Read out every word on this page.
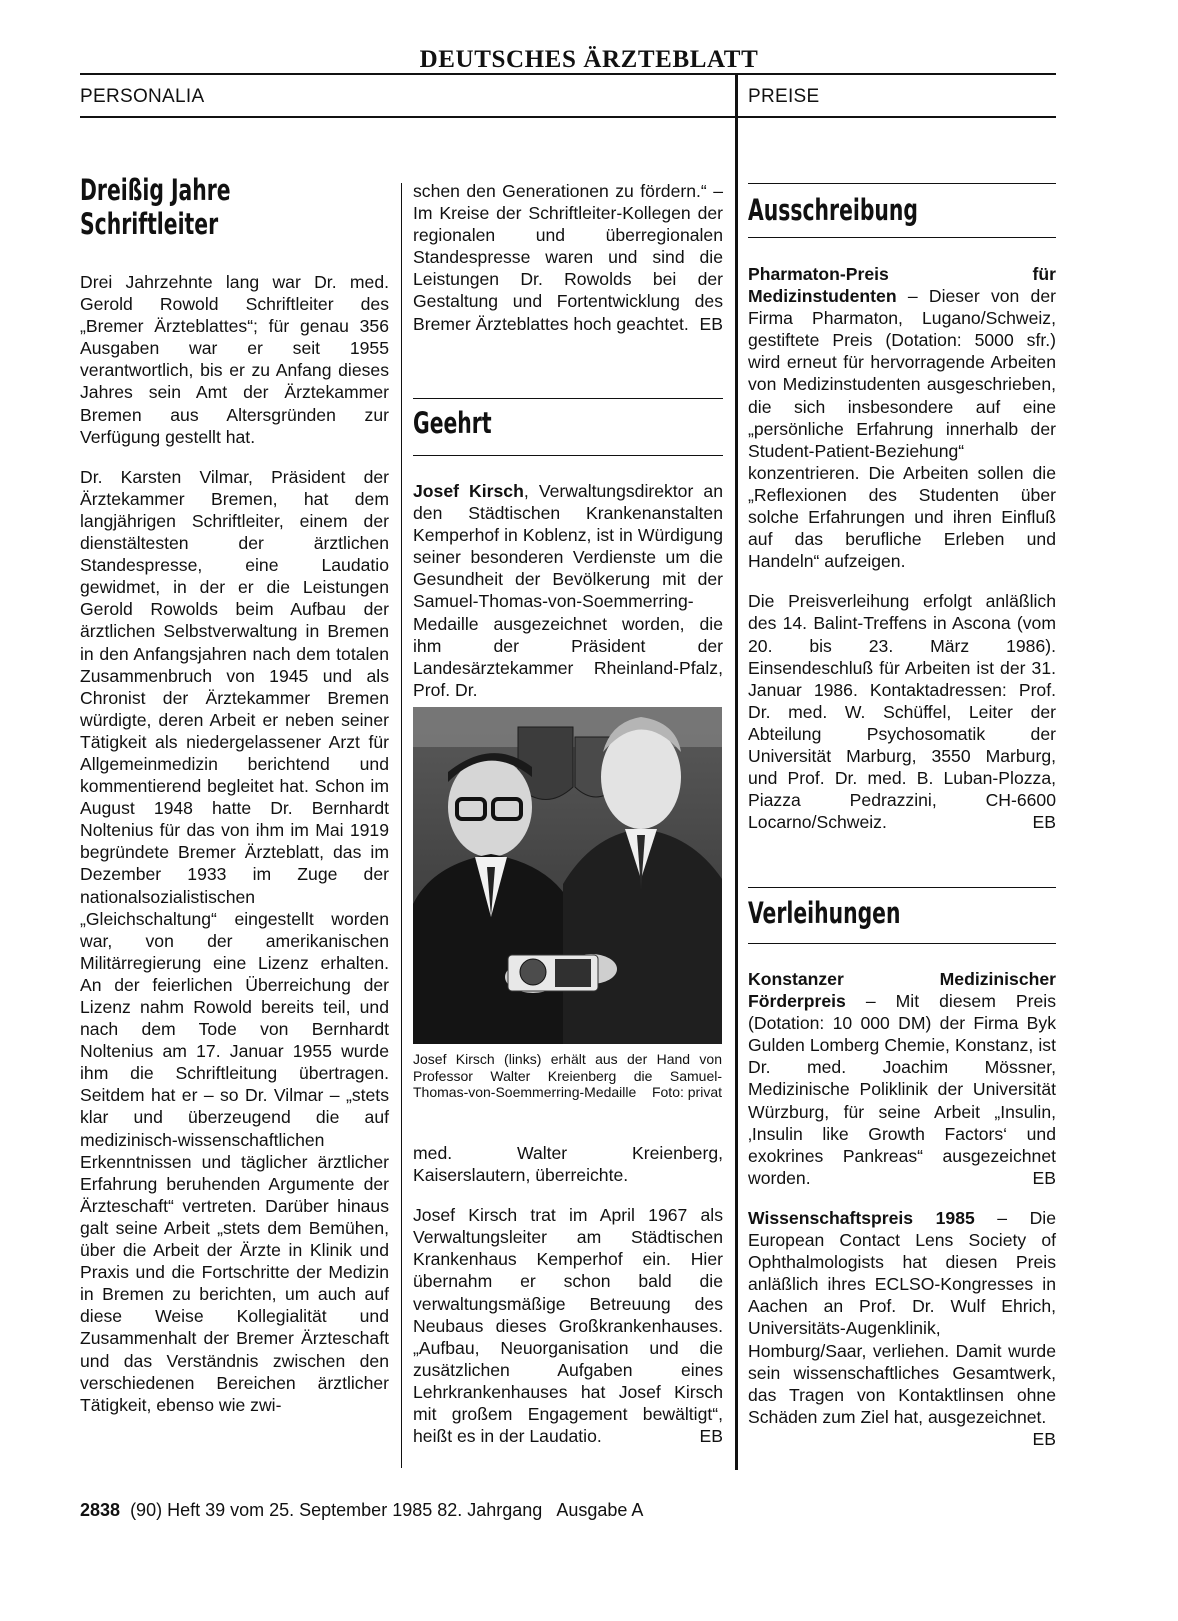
DEUTSCHES ÄRZTEBLATT
PERSONALIA	PREISE
Dreißig Jahre
Schriftleiter

Drei Jahrzehnte lang war Dr. med. Gerold Rowold Schriftleiter des „Bremer Ärzteblattes“; für genau 356 Ausgaben war er seit 1955 verantwortlich, bis er zu Anfang dieses Jahres sein Amt der Ärztekammer Bremen aus Altersgründen zur Verfügung gestellt hat.

Dr. Karsten Vilmar, Präsident der Ärztekammer Bremen, hat dem langjährigen Schriftleiter, einem der dienstältesten der ärztlichen Standespresse, eine Laudatio gewidmet, in der er die Leistungen Gerold Rowolds beim Aufbau der ärztlichen Selbstverwaltung in Bremen in den Anfangsjahren nach dem totalen Zusammenbruch von 1945 und als Chronist der Ärztekammer Bremen würdigte, deren Arbeit er neben seiner Tätigkeit als niedergelassener Arzt für Allgemeinmedizin berichtend und kommentierend begleitet hat. Schon im August 1948 hatte Dr. Bernhardt Noltenius für das von ihm im Mai 1919 begründete Bremer Ärzteblatt, das im Dezember 1933 im Zuge der nationalsozialistischen „Gleichschaltung“ eingestellt worden war, von der amerikanischen Militärregierung eine Lizenz erhalten. An der feierlichen Überreichung der Lizenz nahm Rowold bereits teil, und nach dem Tode von Bernhardt Noltenius am 17. Januar 1955 wurde ihm die Schriftleitung übertragen. Seitdem hat er – so Dr. Vilmar – „stets klar und überzeugend die auf medizinisch-wissenschaftlichen Erkenntnissen und täglicher ärztlicher Erfahrung beruhenden Argumente der Ärzteschaft“ vertreten. Darüber hinaus galt seine Arbeit „stets dem Bemühen, über die Arbeit der Ärzte in Klinik und Praxis und die Fortschritte der Medizin in Bremen zu berichten, um auch auf diese Weise Kollegialität und Zusammenhalt der Bremer Ärzteschaft und das Verständnis zwischen den verschiedenen Bereichen ärztlicher Tätigkeit, ebenso wie zwi-

schen den Generationen zu fördern.“ – Im Kreise der Schriftleiter-Kollegen der regionalen und überregionalen Standespresse waren und sind die Leistungen Dr. Rowolds bei der Gestaltung und Fortentwicklung des Bremer Ärzteblattes hoch geachtet. EB

Geehrt

Josef Kirsch, Verwaltungsdirektor an den Städtischen Krankenanstalten Kemperhof in Koblenz, ist in Würdigung seiner besonderen Verdienste um die Gesundheit der Bevölkerung mit der Samuel-Thomas-von-Soemmerring-Medaille ausgezeichnet worden, die ihm der Präsident der Landesärztekammer Rheinland-Pfalz, Prof. Dr.

Josef Kirsch (links) erhält aus der Hand von Professor Walter Kreienberg die Samuel-Thomas-von-Soemmerring-Medaille Foto: privat

med. Walter Kreienberg, Kaiserslautern, überreichte.

Josef Kirsch trat im April 1967 als Verwaltungsleiter am Städtischen Krankenhaus Kemperhof ein. Hier übernahm er schon bald die verwaltungsmäßige Betreuung des Neubaus dieses Großkrankenhauses. „Aufbau, Neuorganisation und die zusätzlichen Aufgaben eines Lehrkrankenhauses hat Josef Kirsch mit großem Engagement bewältigt“, heißt es in der Laudatio.	EB

Ausschreibung

Pharmaton-Preis für Medizinstudenten – Dieser von der Firma Pharmaton, Lugano/Schweiz, gestiftete Preis (Dotation: 5000 sfr.) wird erneut für hervorragende Arbeiten von Medizinstudenten ausgeschrieben, die sich insbesondere auf eine „persönliche Erfahrung innerhalb der Student-Patient-Beziehung“ konzentrieren. Die Arbeiten sollen die „Reflexionen des Studenten über solche Erfahrungen und ihren Einfluß auf das berufliche Erleben und Handeln“ aufzeigen.

Die Preisverleihung erfolgt anläßlich des 14. Balint-Treffens in Ascona (vom 20. bis 23. März 1986). Einsendeschluß für Arbeiten ist der 31. Januar 1986. Kontaktadressen: Prof. Dr. med. W. Schüffel, Leiter der Abteilung Psychosomatik der Universität Marburg, 3550 Marburg, und Prof. Dr. med. B. Luban-Plozza, Piazza Pedrazzini, CH-6600 Locarno/Schweiz.	EB

Verleihungen

Konstanzer Medizinischer Förderpreis – Mit diesem Preis (Dotation: 10 000 DM) der Firma Byk Gulden Lomberg Chemie, Konstanz, ist Dr. med. Joachim Mössner, Medizinische Poliklinik der Universität Würzburg, für seine Arbeit „Insulin, ‚Insulin like Growth Factors‘ und exokrines Pankreas“ ausgezeichnet worden.	EB

Wissenschaftspreis 1985 – Die European Contact Lens Society of Ophthalmologists hat diesen Preis anläßlich ihres ECLSO-Kongresses in Aachen an Prof. Dr. Wulf Ehrich, Universitäts-Augenklinik, Homburg/Saar, verliehen. Damit wurde sein wissenschaftliches Gesamtwerk, das Tragen von Kontaktlinsen ohne Schäden zum Ziel hat, ausgezeichnet.
EB

2838 (90) Heft 39 vom 25. September 1985 82. Jahrgang   Ausgabe A
